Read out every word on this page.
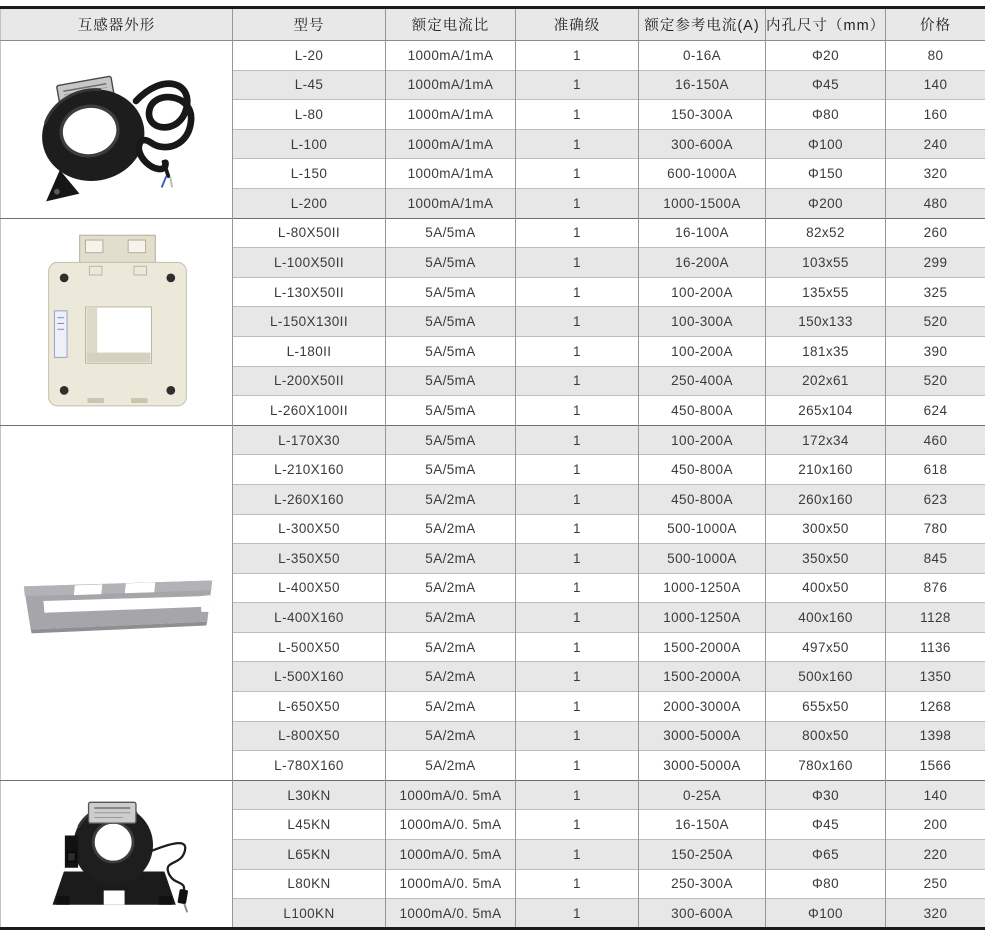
互感器外形	型号	额定电流比	准确级	额定参考电流(A)	内孔尺寸（mm）	价格

	L-20	1000mA/1mA	1	0-16A	Φ20	80
	L-45	1000mA/1mA	1	16-150A	Φ45	140
	L-80	1000mA/1mA	1	150-300A	Φ80	160
	L-100	1000mA/1mA	1	300-600A	Φ100	240
	L-150	1000mA/1mA	1	600-1000A	Φ150	320
	L-200	1000mA/1mA	1	1000-1500A	Φ200	480

	L-80X50II	5A/5mA	1	16-100A	82x52	260
	L-100X50II	5A/5mA	1	16-200A	103x55	299
	L-130X50II	5A/5mA	1	100-200A	135x55	325
	L-150X130II	5A/5mA	1	100-300A	150x133	520
	L-180II	5A/5mA	1	100-200A	181x35	390
	L-200X50II	5A/5mA	1	250-400A	202x61	520
	L-260X100II	5A/5mA	1	450-800A	265x104	624

	L-170X30	5A/5mA	1	100-200A	172x34	460
	L-210X160	5A/5mA	1	450-800A	210x160	618
	L-260X160	5A/2mA	1	450-800A	260x160	623
	L-300X50	5A/2mA	1	500-1000A	300x50	780
	L-350X50	5A/2mA	1	500-1000A	350x50	845
	L-400X50	5A/2mA	1	1000-1250A	400x50	876
	L-400X160	5A/2mA	1	1000-1250A	400x160	1128
	L-500X50	5A/2mA	1	1500-2000A	497x50	1136
	L-500X160	5A/2mA	1	1500-2000A	500x160	1350
	L-650X50	5A/2mA	1	2000-3000A	655x50	1268
	L-800X50	5A/2mA	1	3000-5000A	800x50	1398
	L-780X160	5A/2mA	1	3000-5000A	780x160	1566

	L30KN	1000mA/0. 5mA	1	0-25A	Φ30	140
	L45KN	1000mA/0. 5mA	1	16-150A	Φ45	200
	L65KN	1000mA/0. 5mA	1	150-250A	Φ65	220
	L80KN	1000mA/0. 5mA	1	250-300A	Φ80	250
	L100KN	1000mA/0. 5mA	1	300-600A	Φ100	320
